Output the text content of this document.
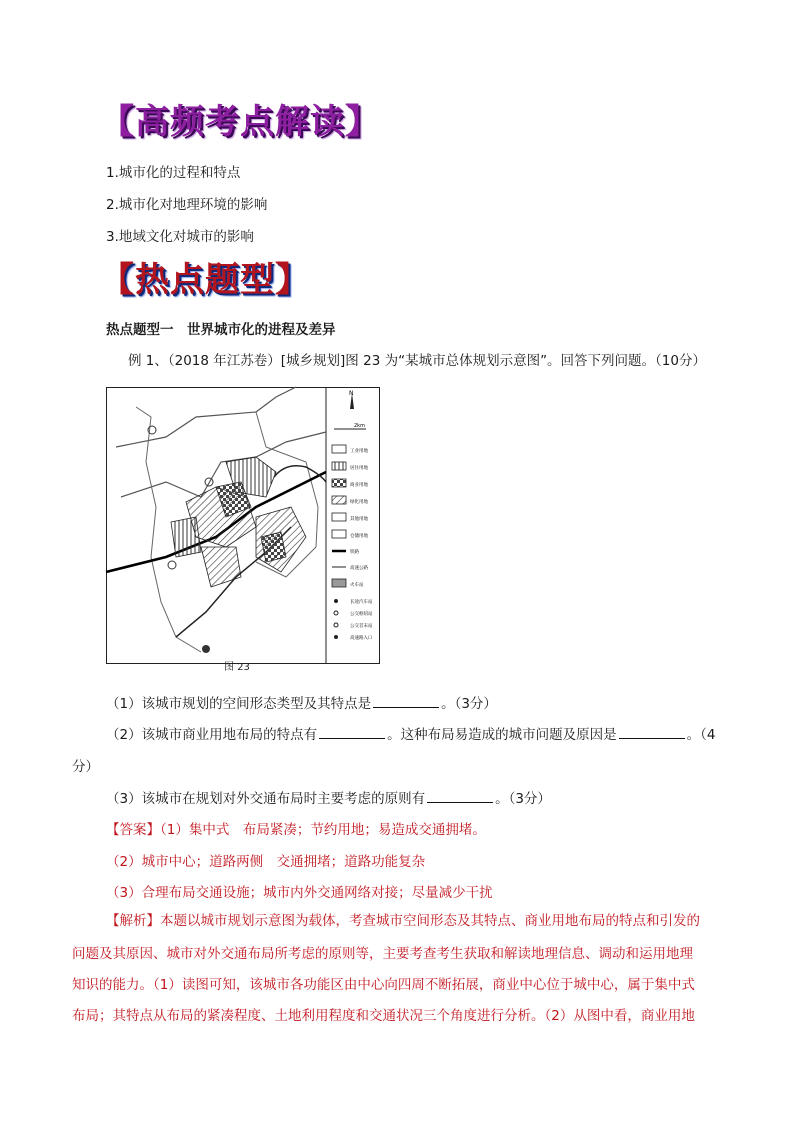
【高频考点解读】
1.城市化的过程和特点
2.城市化对地理环境的影响
3.地域文化对城市的影响
【热点题型】
热点题型一　世界城市化的进程及差异
例 1、（2018 年江苏卷）[城乡规划]图 23 为“某城市总体规划示意图”。回答下列问题。（10分）
图 23
N
2km
工业用地
居住用地
商业用地
绿化用地
其他用地
仓储用地
铁路
高速公路
火车站
长途汽车站
公交枢纽站
公交首末站
高速路入口
（1）该城市规划的空间形态类型及其特点是	。（3分）
（2）该城市商业用地布局的特点有	。这种布局易造成的城市问题及原因是	。（4
分）
（3）该城市在规划对外交通布局时主要考虑的原则有	。（3分）
【答案】（1）集中式　布局紧凑；节约用地；易造成交通拥堵。
（2）城市中心；道路两侧　交通拥堵；道路功能复杂
（3）合理布局交通设施；城市内外交通网络对接；尽量减少干扰
【解析】本题以城市规划示意图为载体，考查城市空间形态及其特点、商业用地布局的特点和引发的
问题及其原因、城市对外交通布局所考虑的原则等，主要考查考生获取和解读地理信息、调动和运用地理
知识的能力。（1）读图可知，该城市各功能区由中心向四周不断拓展，商业中心位于城中心，属于集中式
布局；其特点从布局的紧凑程度、土地利用程度和交通状况三个角度进行分析。（2）从图中看，商业用地
